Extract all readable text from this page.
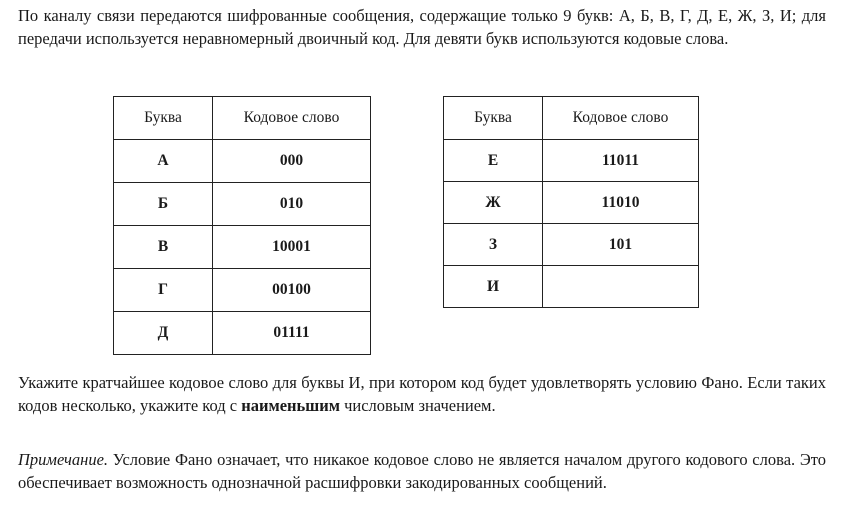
По каналу связи передаются шифрованные сообщения, содержащие только 9 букв: А, Б, В, Г, Д, Е, Ж, З, И; для передачи используется неравномерный двоичный код. Для девяти букв используются кодовые слова.

Буква	Кодовое слово
А	000
Б	010
В	10001
Г	00100
Д	01111
Буква	Кодовое слово
Е	11011
Ж	11010
З	101
И	

Укажите кратчайшее кодовое слово для буквы И, при котором код будет удовлетворять условию Фано. Если таких кодов несколько, укажите код с наименьшим числовым значением.

Примечание. Условие Фано означает, что никакое кодовое слово не является началом другого кодового слова. Это обеспечивает возможность однозначной расшифровки закодированных сообщений.
